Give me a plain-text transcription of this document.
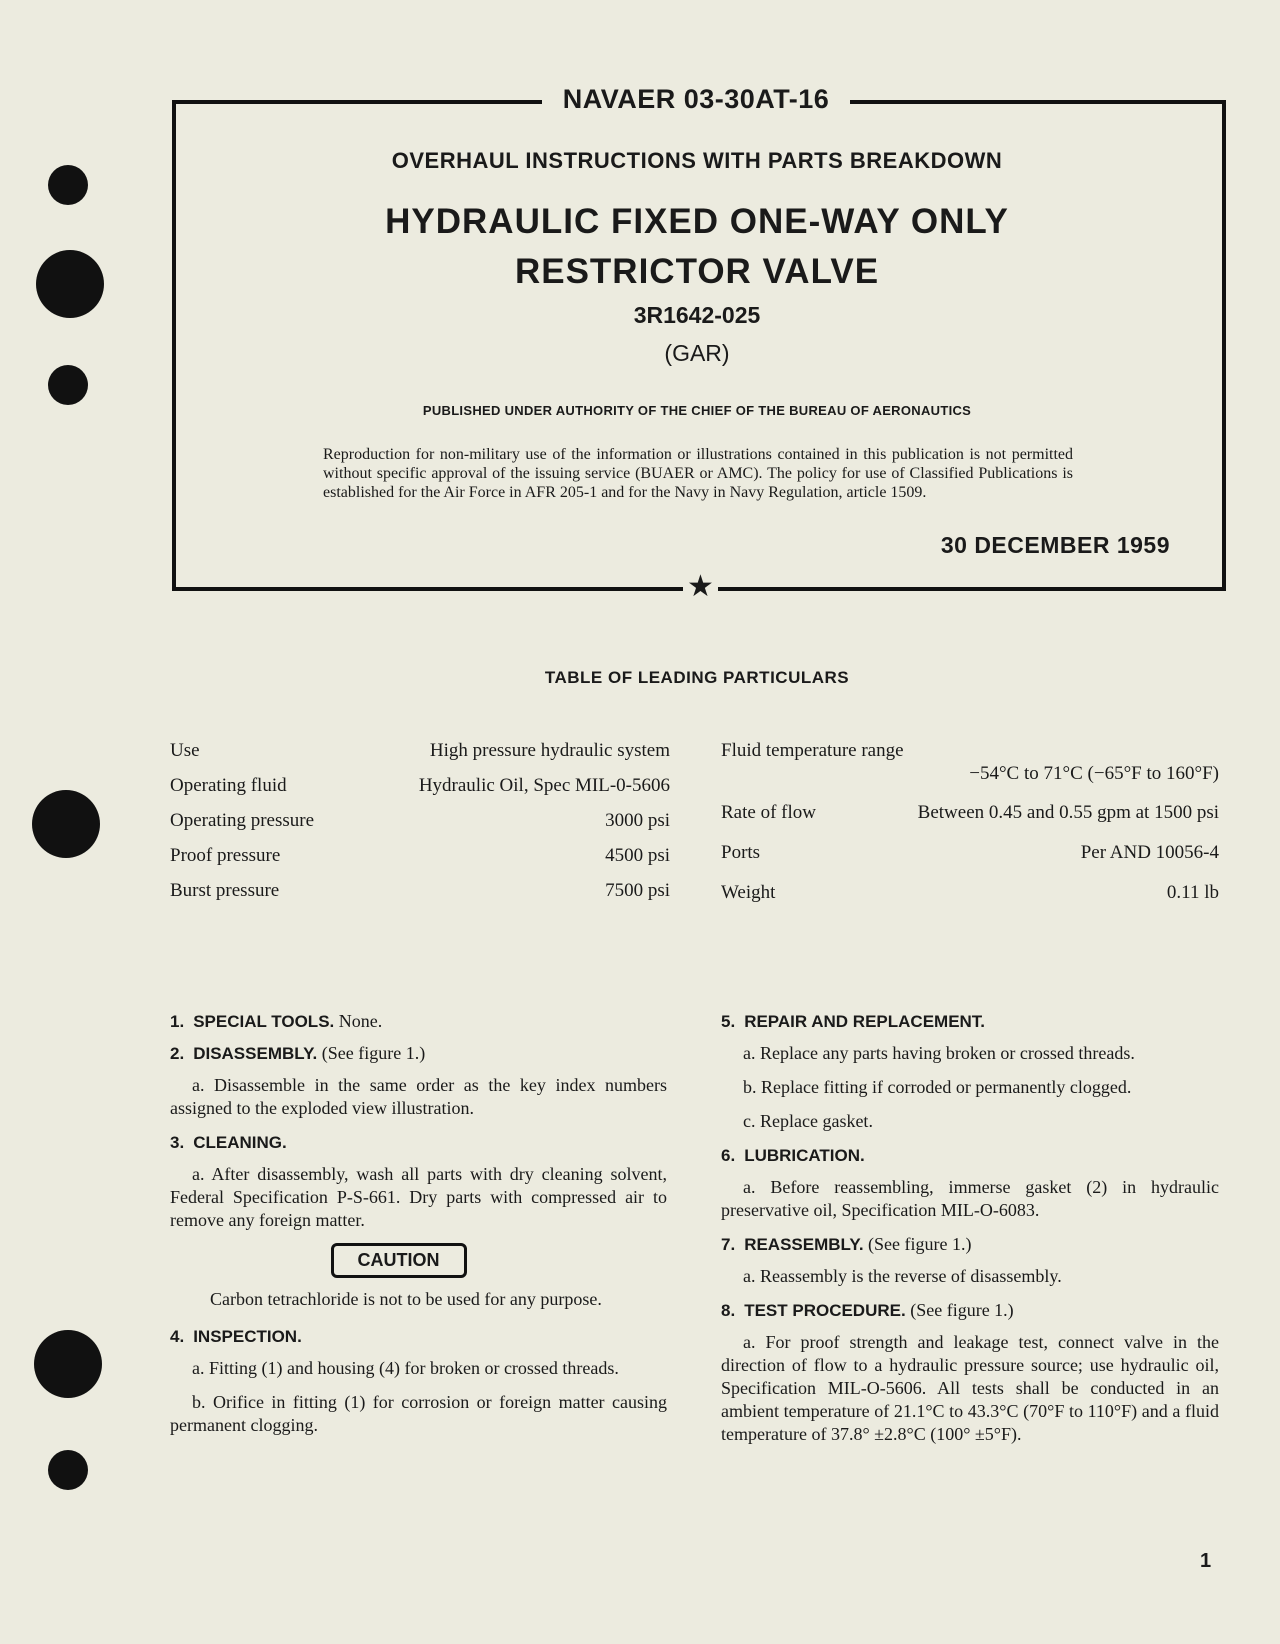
NAVAER 03-30AT-16
★
OVERHAUL INSTRUCTIONS WITH PARTS BREAKDOWN
HYDRAULIC FIXED ONE-WAY ONLY
RESTRICTOR VALVE
3R1642-025
(GAR)
PUBLISHED UNDER AUTHORITY OF THE CHIEF OF THE BUREAU OF AERONAUTICS
Reproduction for non-military use of the information or illustrations contained in this publication is not permitted without specific approval of the issuing service (BUAER or AMC). The policy for use of Classified Publications is established for the Air Force in AFR 205-1 and for the Navy in Navy Regulation, article 1509.
30 DECEMBER 1959
TABLE OF LEADING PARTICULARS
Use	High pressure hydraulic system
Operating fluid	Hydraulic Oil, Spec MIL-0-5606
Operating pressure	3000 psi
Proof pressure	4500 psi
Burst pressure	7500 psi
Fluid temperature range
−54°C to 71°C (−65°F to 160°F)
Rate of flow	Between 0.45 and 0.55 gpm at 1500 psi
Ports	Per AND 10056-4
Weight	0.11 lb

1. SPECIAL TOOLS. None.

2. DISASSEMBLY. (See figure 1.)

a. Disassemble in the same order as the key index numbers assigned to the exploded view illustration.

3. CLEANING.

a. After disassembly, wash all parts with dry cleaning solvent, Federal Specification P-S-661. Dry parts with compressed air to remove any foreign matter.

CAUTION

Carbon tetrachloride is not to be used for any purpose.

4. INSPECTION.

a. Fitting (1) and housing (4) for broken or crossed threads.

b. Orifice in fitting (1) for corrosion or foreign matter causing permanent clogging.

5. REPAIR AND REPLACEMENT.

a. Replace any parts having broken or crossed threads.

b. Replace fitting if corroded or permanently clogged.

c. Replace gasket.

6. LUBRICATION.

a. Before reassembling, immerse gasket (2) in hydraulic preservative oil, Specification MIL-O-6083.

7. REASSEMBLY. (See figure 1.)

a. Reassembly is the reverse of disassembly.

8. TEST PROCEDURE. (See figure 1.)

a. For proof strength and leakage test, connect valve in the direction of flow to a hydraulic pressure source; use hydraulic oil, Specification MIL-O-5606. All tests shall be conducted in an ambient temperature of 21.1°C to 43.3°C (70°F to 110°F) and a fluid temperature of 37.8° ±2.8°C (100° ±5°F).

1
